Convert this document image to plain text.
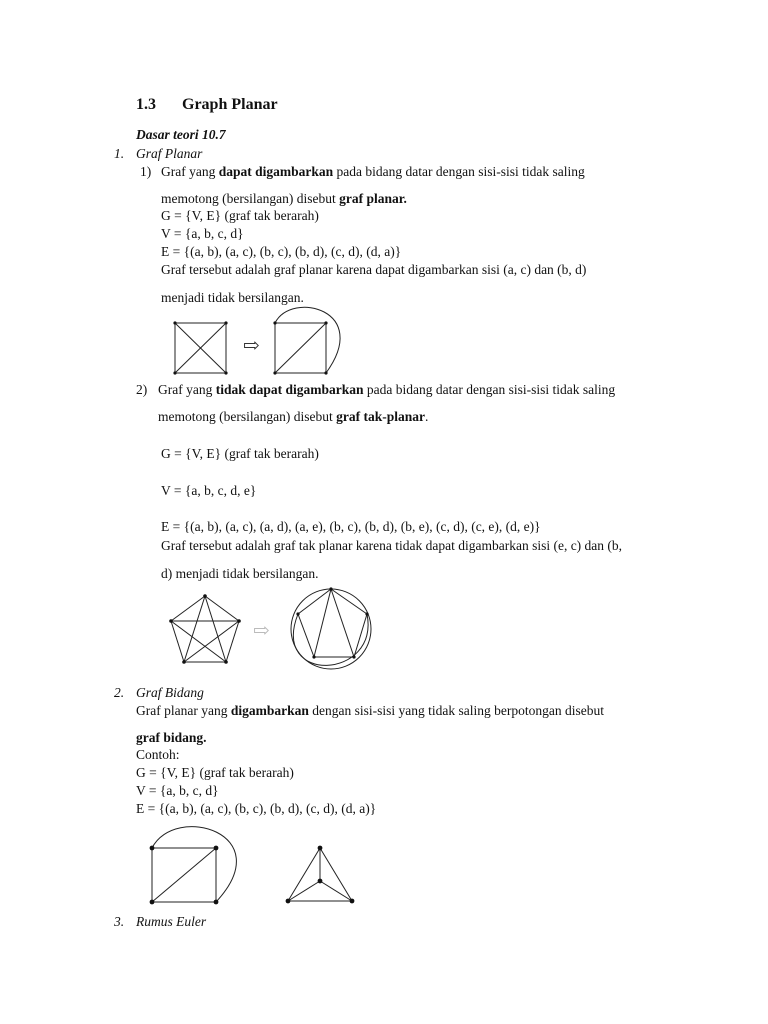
1.3 Graph Planar
Dasar teori 10.7
1. Graf Planar
1) Graf yang dapat digambarkan pada bidang datar dengan sisi-sisi tidak saling
memotong (bersilangan) disebut graf planar.
G = {V, E} (graf tak berarah)
V = {a, b, c, d}
E = {(a, b), (a, c), (b, c), (b, d), (c, d), (d, a)}
Graf tersebut adalah graf planar karena dapat digambarkan sisi (a, c) dan (b, d)
menjadi tidak bersilangan.
⇨
2) Graf yang tidak dapat digambarkan pada bidang datar dengan sisi-sisi tidak saling
memotong (bersilangan) disebut graf tak-planar.
G = {V, E} (graf tak berarah)
V = {a, b, c, d, e}
E = {(a, b), (a, c), (a, d), (a, e), (b, c), (b, d), (b, e), (c, d), (c, e), (d, e)}
Graf tersebut adalah graf tak planar karena tidak dapat digambarkan sisi (e, c) dan (b,
d) menjadi tidak bersilangan.
⇨
2. Graf Bidang
Graf planar yang digambarkan dengan sisi-sisi yang tidak saling berpotongan disebut
graf bidang.
Contoh:
G = {V, E} (graf tak berarah)
V = {a, b, c, d}
E = {(a, b), (a, c), (b, c), (b, d), (c, d), (d, a)}
3. Rumus Euler
